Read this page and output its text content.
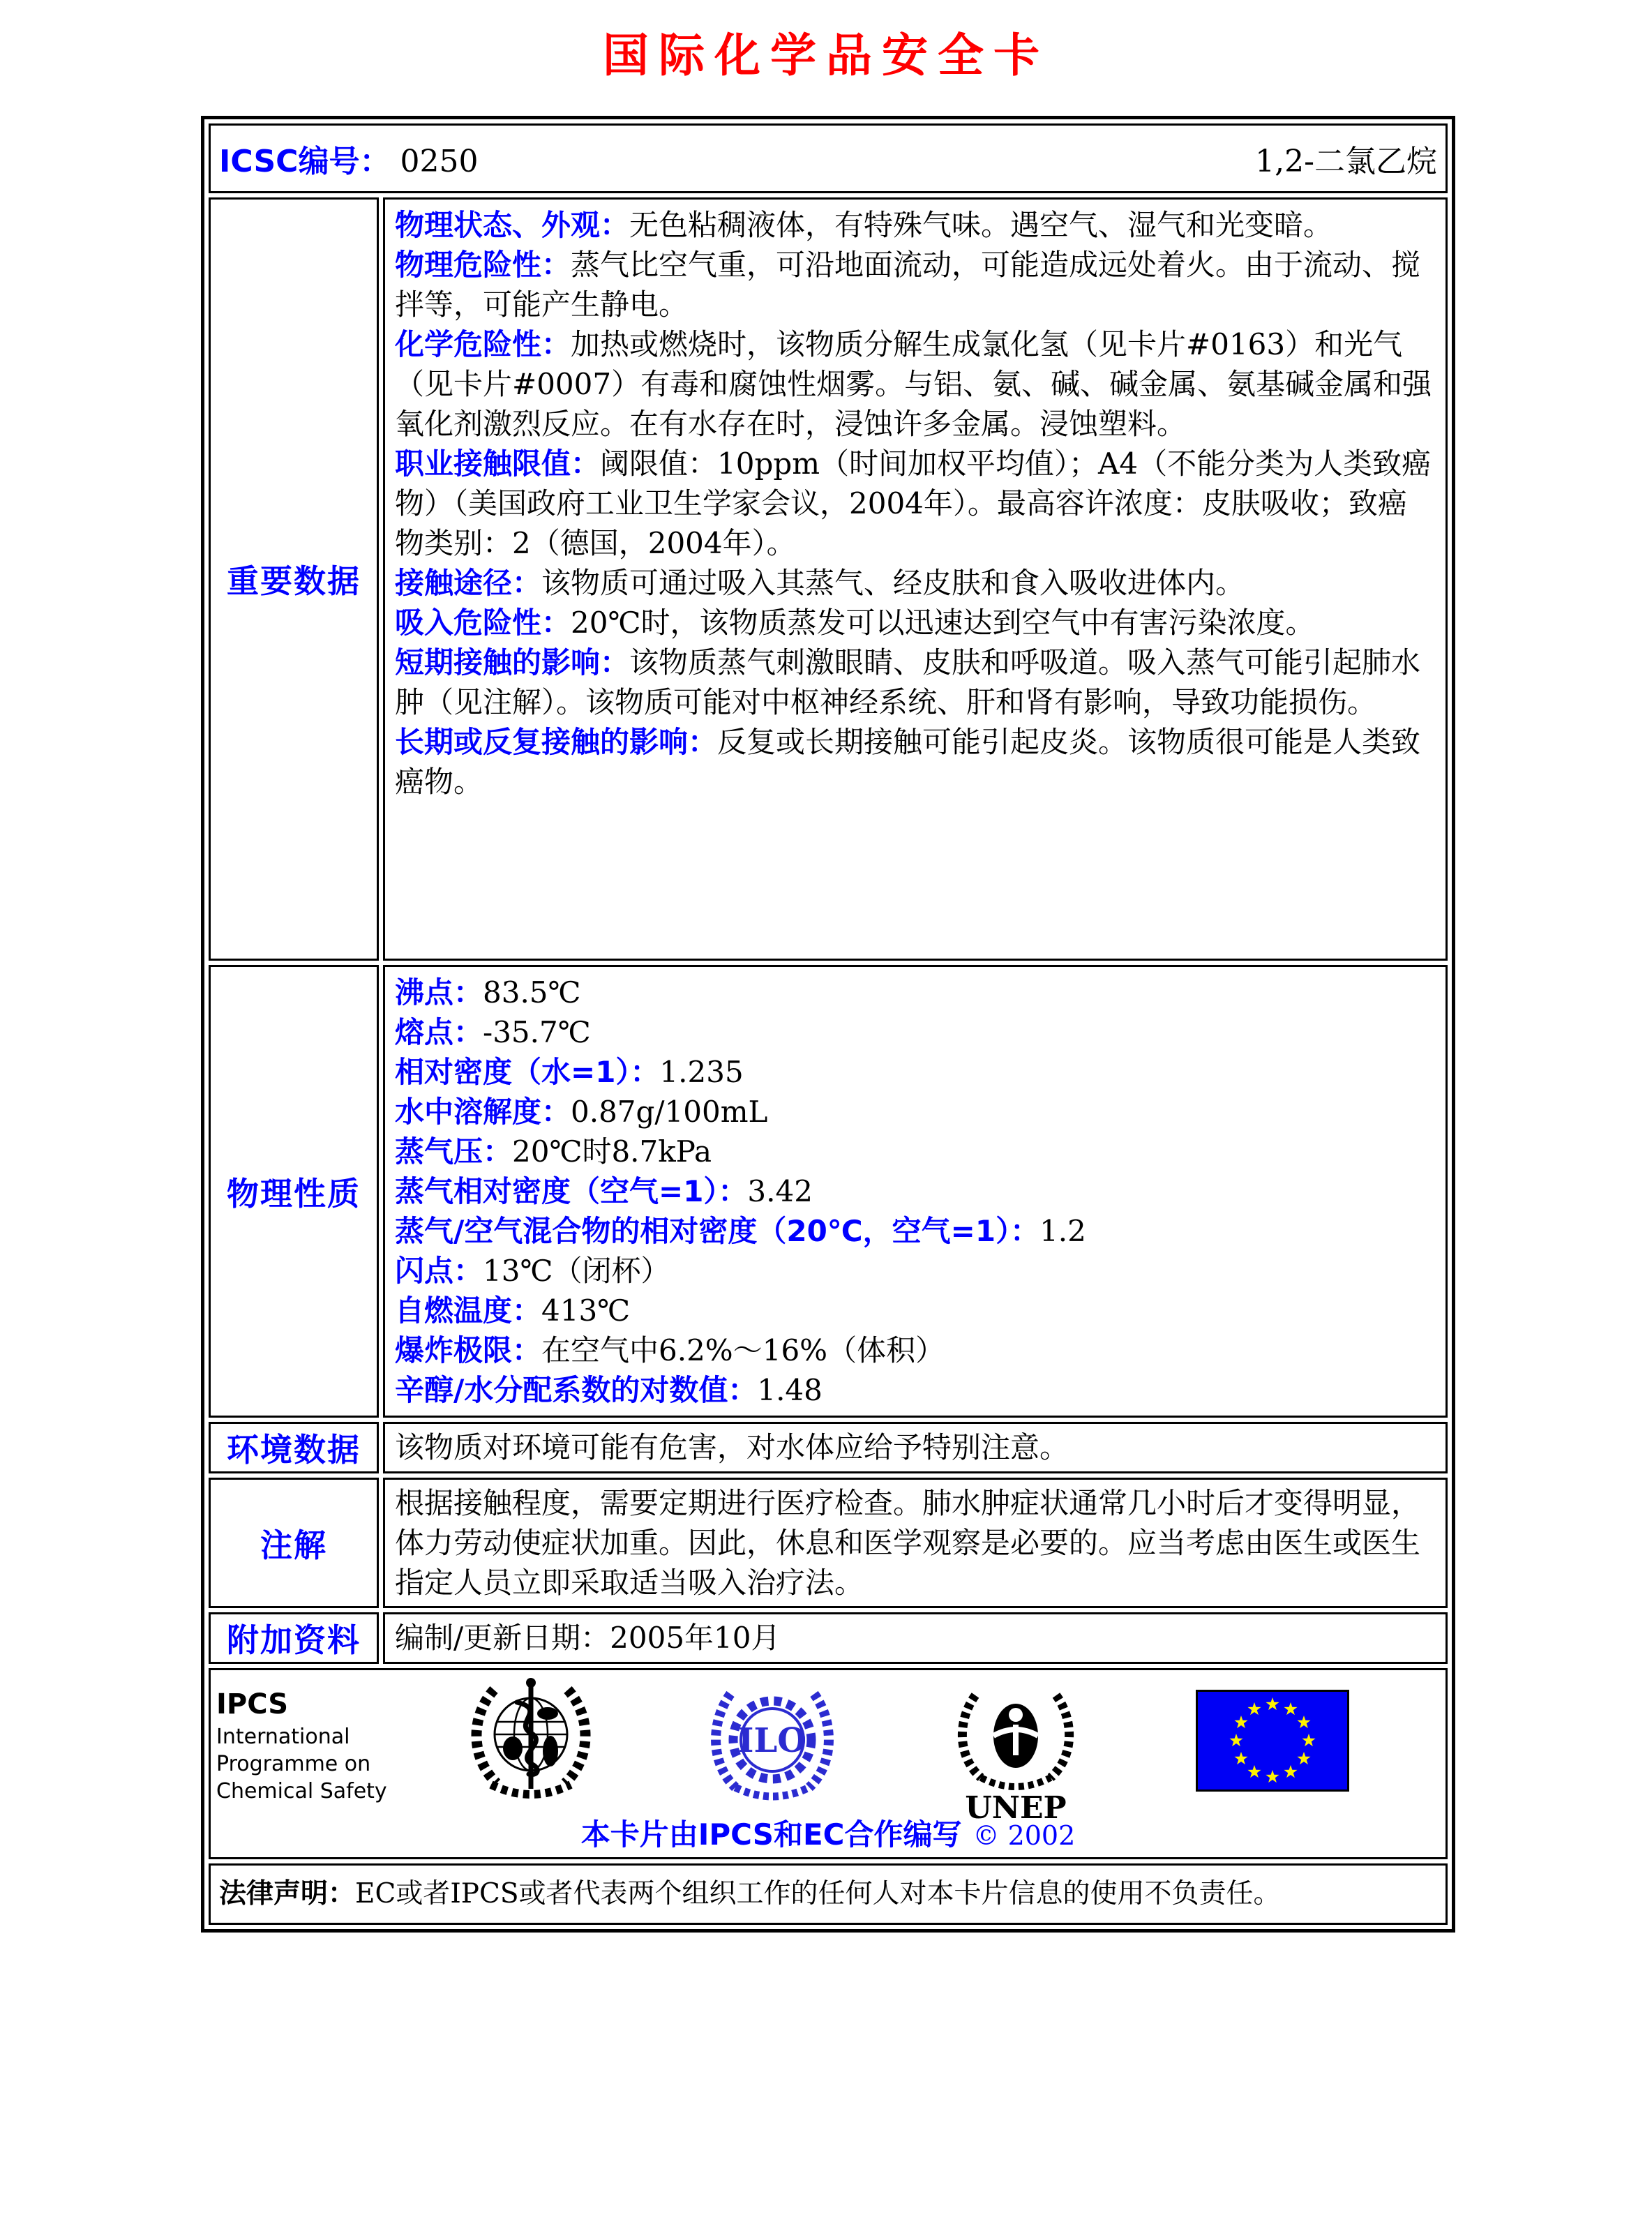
国际化学品安全卡
ICSC编号： 0250 1,2-二氯乙烷	

重要数据	
物理状态、外观：无色粘稠液体，有特殊气味。遇空气、湿气和光变暗。
物理危险性：蒸气比空气重，可沿地面流动，可能造成远处着火。由于流动、搅拌等，可能产生静电。
化学危险性：加热或燃烧时，该物质分解生成氯化氢（见卡片#0163）和光气（见卡片#0007）有毒和腐蚀性烟雾。与铝、氨、碱、碱金属、氨基碱金属和强氧化剂激烈反应。在有水存在时，浸蚀许多金属。浸蚀塑料。
职业接触限值：阈限值：10ppm（时间加权平均值）；A4（不能分类为人类致癌物）（美国政府工业卫生学家会议，2004年）。最高容许浓度：皮肤吸收；致癌物类别：2（德国，2004年）。
接触途径：该物质可通过吸入其蒸气、经皮肤和食入吸收进体内。
吸入危险性：20℃时，该物质蒸发可以迅速达到空气中有害污染浓度。
短期接触的影响：该物质蒸气刺激眼睛、皮肤和呼吸道。吸入蒸气可能引起肺水肿（见注解）。该物质可能对中枢神经系统、肝和肾有影响，导致功能损伤。
长期或反复接触的影响：反复或长期接触可能引起皮炎。该物质很可能是人类致癌物。

物理性质	
沸点：83.5℃
熔点：-35.7℃
相对密度（水=1）：1.235
水中溶解度：0.87g/100mL
蒸气压：20℃时8.7kPa
蒸气相对密度（空气=1）：3.42
蒸气/空气混合物的相对密度（20℃，空气=1）：1.2
闪点：13℃（闭杯）
自燃温度：413℃
爆炸极限：在空气中6.2%～16%（体积）
辛醇/水分配系数的对数值：1.48

环境数据	该物质对环境可能有危害，对水体应给予特别注意。
注解	根据接触程度，需要定期进行医疗检查。肺水肿症状通常几小时后才变得明显，体力劳动使症状加重。因此，休息和医学观察是必要的。应当考虑由医生或医生指定人员立即采取适当吸入治疗法。
附加资料	编制/更新日期：2005年10月

IPCS
International
Programme on
Chemical Safety
ILO
UNEP
本卡片由IPCS和EC合作编写 © 2002

法律声明：EC或者IPCS或者代表两个组织工作的任何人对本卡片信息的使用不负责任。	
